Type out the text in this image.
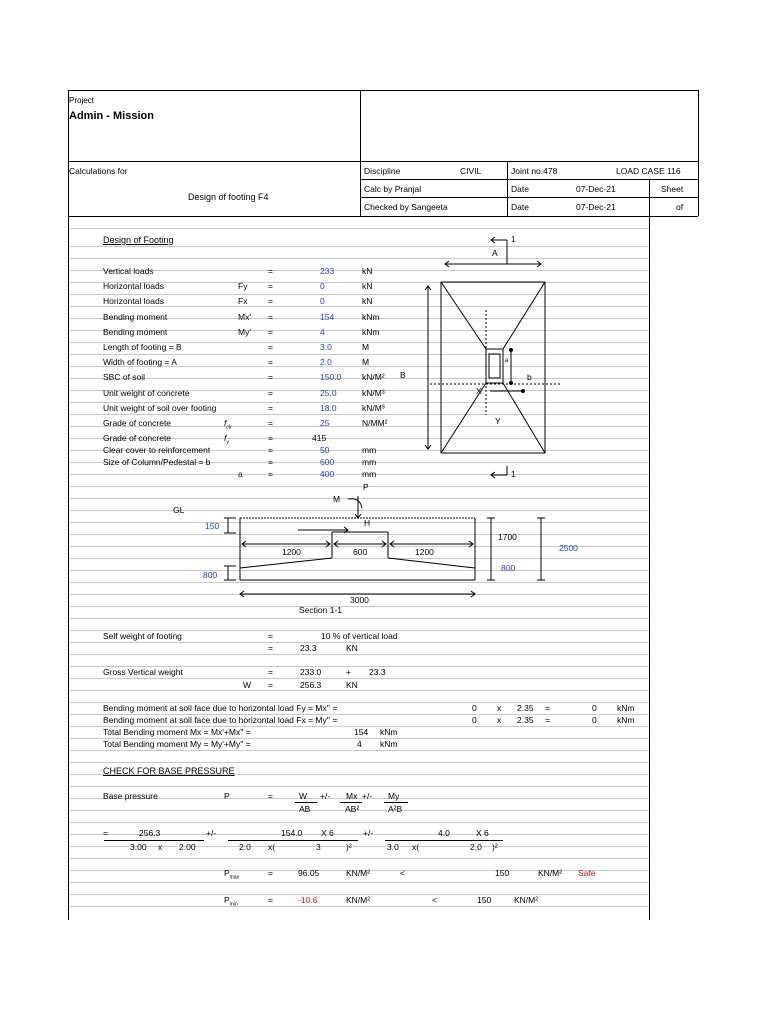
Project
Admin - Mission
Calculations for
Design of footing F4
Discipline	CIVIL	Joint no.478	LOAD CASE 116
Calc by Pranjal	Date	07-Dec-21	Sheet
Checked by Sangeeta	Date	07-Dec-21	of
Design of Footing
Vertical loads	=	233	kN
Horizontal loads	Fy =	0	kN
Horizontal loads	Fx =	0	kN
Bending moment	Mx' =	154	kNm
Bending moment	My' =	4	kNm
Length of footing = B	=	3.0	M
Width of footing = A	=	2.0	M
SBC of soil	=	150.0 kN/M²
Unit weight of concrete	=	25.0	kN/M³
Unit weight of soil over footing	=	18.0	kN/M³
Grade of concrete	$f_{ck}$	=	25	N/MM²
Grade of concrete	$f_y$	=	415
Clear cover to reinforcement	=	50	mm
Size of Column/Pedestal = b	=	600	mm
a	=	400	mm
A
B	b
a
X
Y
1
1
P
M
H
GL
150
800
1200	600	1200
1700
2500
800
3000
Section 1-1
Self weight of footing	=	10 % of vertical load
=	23.3	KN
Gross Vertical weight	=	233.0	+ 23.3
W =	256.3	KN
Bending moment at soil face due to horizontal load Fy = Mx'' =	0 x 2.35 =	0 kNm
Bending moment at soil face due to horizontal load Fx = My'' =	0 x 2.35 =	0 kNm
Total Bending moment Mx = Mx'+Mx'' =	154 kNm
Total Bending moment My = My'+My'' =	4 kNm
CHECK FOR BASE PRESSURE
Base pressure	P	=	W +/- Mx +/- My
AB	AB²	A²B
=	256.3	+/-	154.0 X 6	+/-	4.0	X 6
3.00 x 2.00	2.0 x(	3	)²	3.0 x(	2.0 )²
$P_{max}$	=	96.05	KN/M²	<	150	KN/M² Safe
$P_{min}$	=	-10.6	KN/M²	<	150	KN/M²
